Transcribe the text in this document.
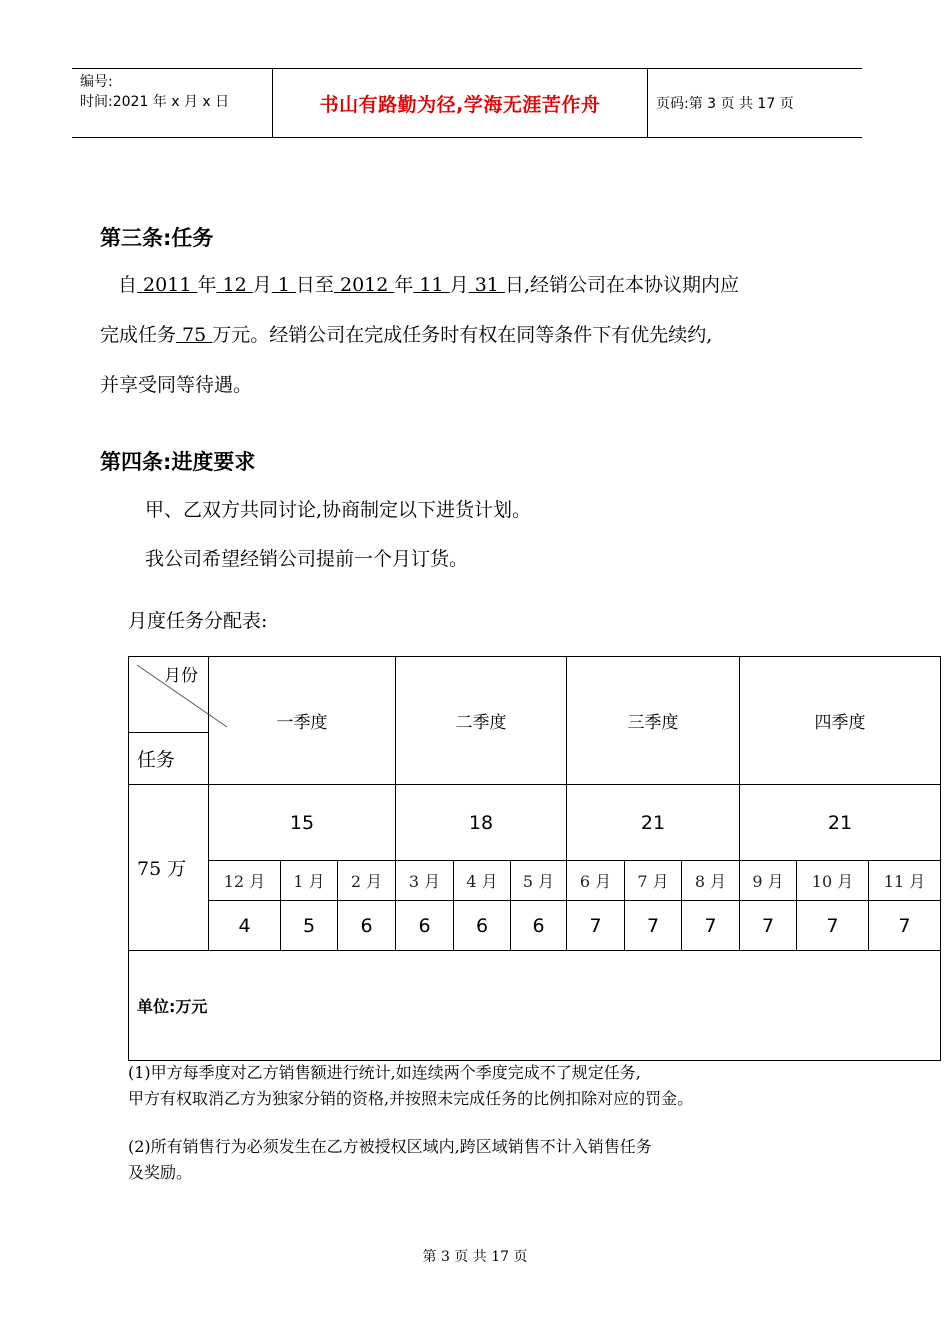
编号:
时间:2021 年 x 月 x 日	书山有路勤为径,学海无涯苦作舟	页码:第 3 页 共 17 页
第三条:任务
自 2011 年 12 月 1 日至 2012 年 11 月 31 日,经销公司在本协议期内应
完成任务 75 万元。经销公司在完成任务时有权在同等条件下有优先续约,
并享受同等待遇。
第四条:进度要求
甲、乙双方共同讨论,协商制定以下进货计划。
我公司希望经销公司提前一个月订货。
月度任务分配表:
月份	一季度			二季度			三季度			四季度		
任务												
75 万	15			18			21			21		
	12 月	1 月	2 月	3 月	4 月	5 月	6 月	7 月	8 月	9 月	10 月	11 月
	4	5	6	6	6	6	7	7	7	7	7	7
单位:万元												
(1)甲方每季度对乙方销售额进行统计,如连续两个季度完成不了规定任务,
甲方有权取消乙方为独家分销的资格,并按照未完成任务的比例扣除对应的罚金。
(2)所有销售行为必须发生在乙方被授权区域内,跨区域销售不计入销售任务
及奖励。
第 3 页 共 17 页
